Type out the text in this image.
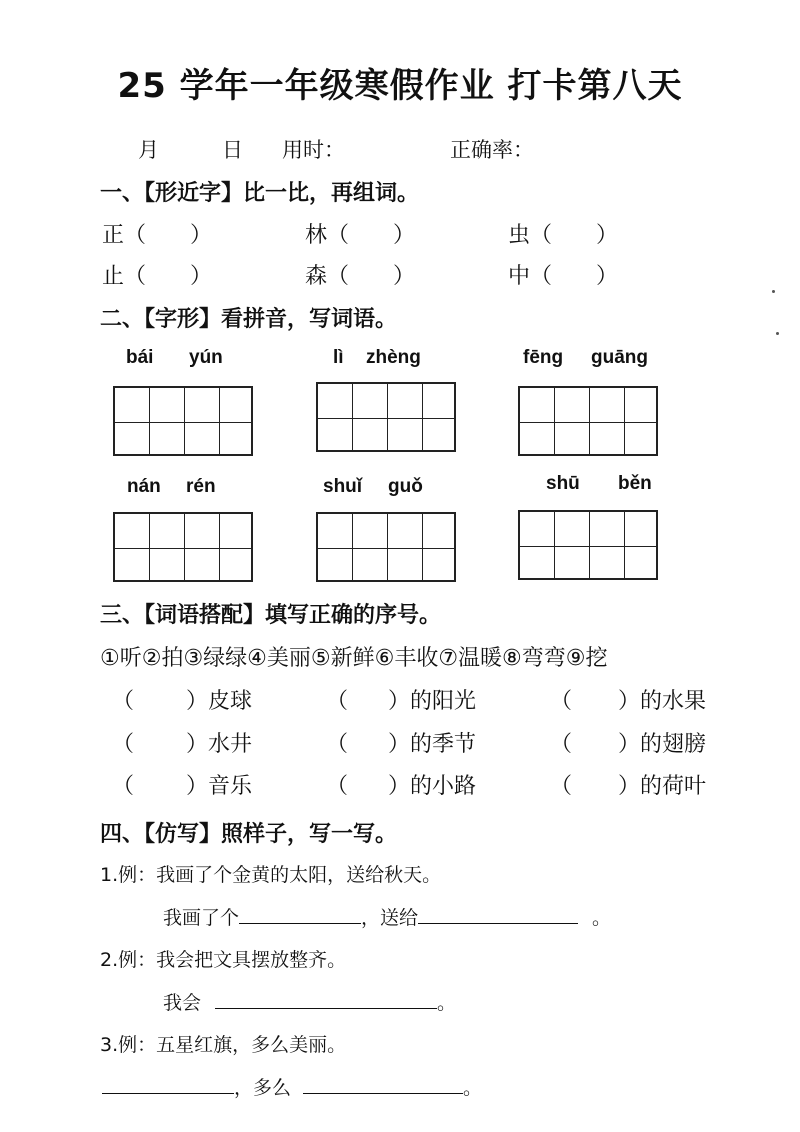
25 学年一年级寒假作业 打卡第八天
月	日 用时：	正确率：
一、【形近字】比一比，再组词。
正（　　）	林（　　）	虫（　　）
止（　　）	森（　　）	中（　　）
二、【字形】看拼音，写词语。
bái yún	lì zhèng	fēng guāng
nán rén	shuǐ guǒ	shū běn
三、【词语搭配】填写正确的序号。
①听②拍③绿绿④美丽⑤新鲜⑥丰收⑦温暖⑧弯弯⑨挖
（ ）皮球	（ ）的阳光	（ ）的水果
（ ）水井	（ ）的季节	（ ）的翅膀
（ ）音乐	（ ）的小路	（ ）的荷叶
四、【仿写】照样子，写一写。
1.例：我画了个金黄的太阳，送给秋天。
我画了个	，送给	。
2.例：我会把文具摆放整齐。
我会	。
3.例：五星红旗，多么美丽。
，多么	。
